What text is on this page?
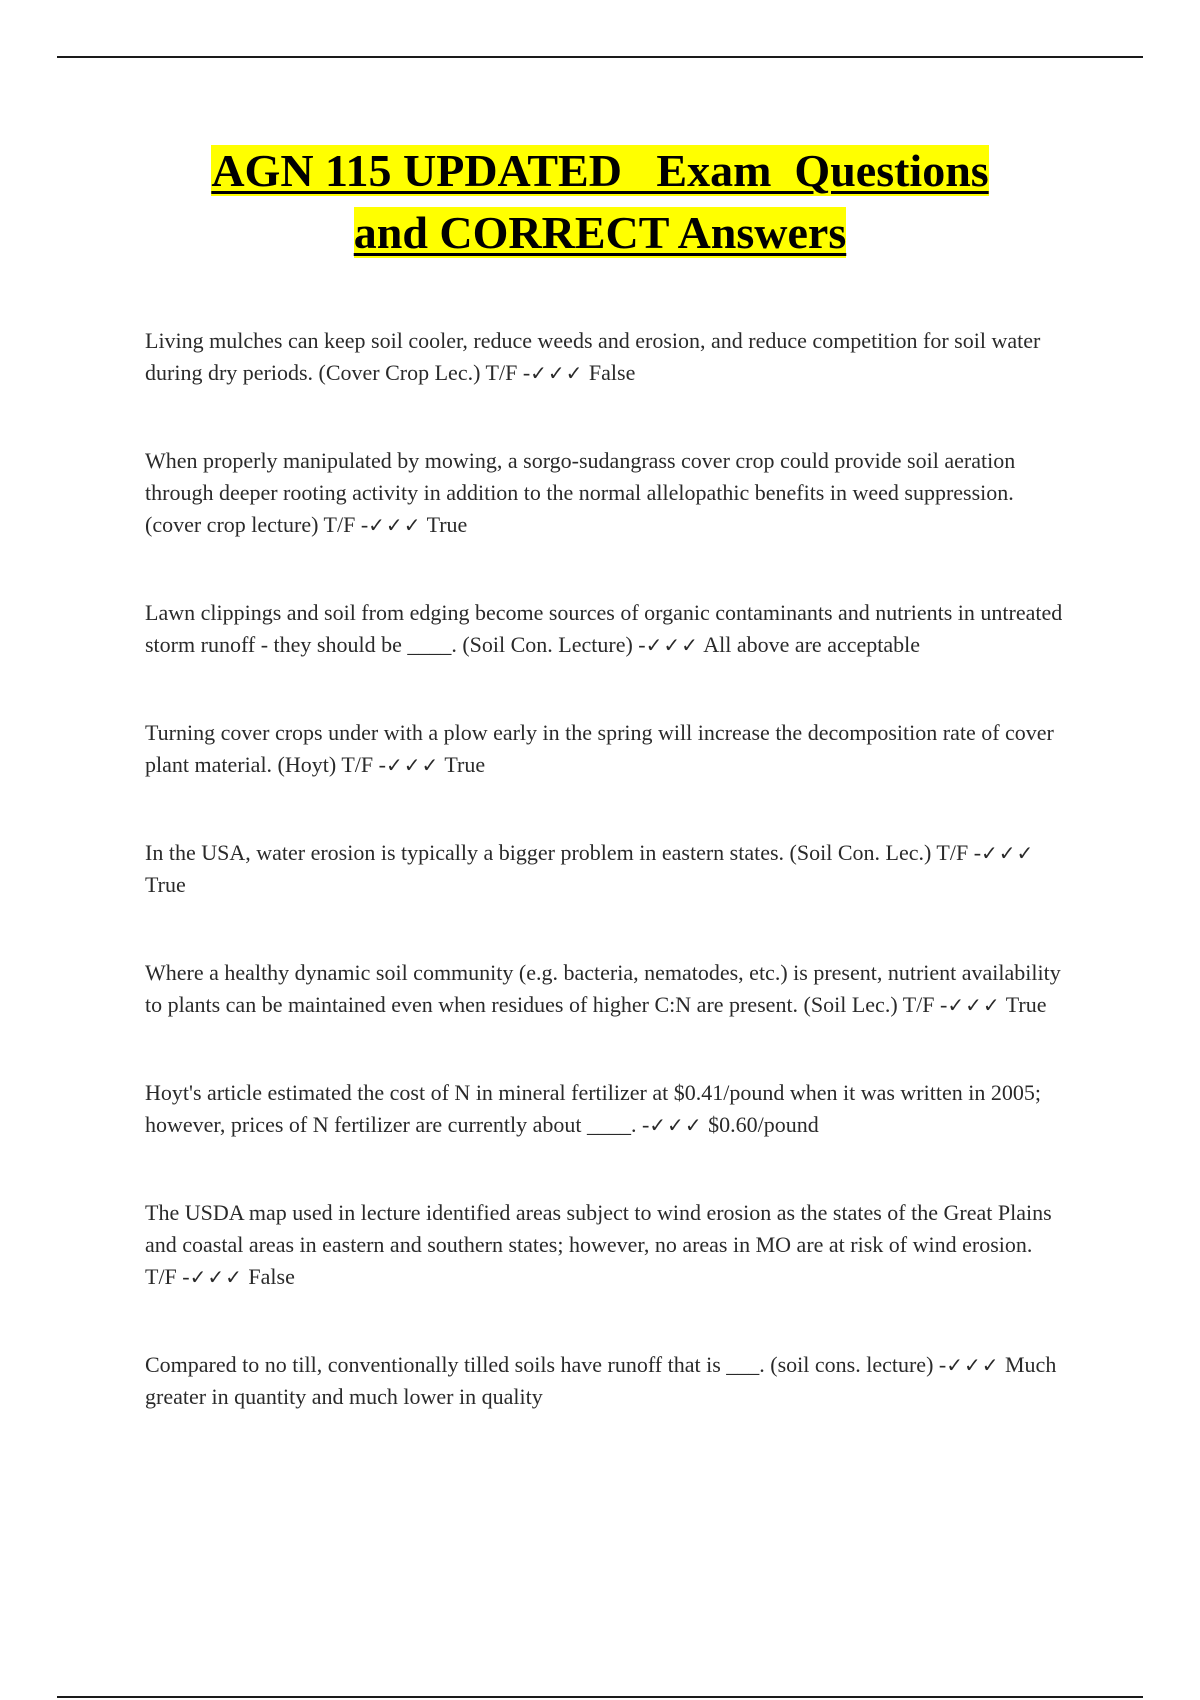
AGN 115 UPDATED   Exam  Questions
and CORRECT Answers

Living mulches can keep soil cooler, reduce weeds and erosion, and reduce competition for soil water during dry periods. (Cover Crop Lec.) T/F -✓✓✓ False

When properly manipulated by mowing, a sorgo-sudangrass cover crop could provide soil aeration through deeper rooting activity in addition to the normal allelopathic benefits in weed suppression. (cover crop lecture) T/F -✓✓✓ True

Lawn clippings and soil from edging become sources of organic contaminants and nutrients in untreated storm runoff - they should be ____. (Soil Con. Lecture) -✓✓✓ All above are acceptable

Turning cover crops under with a plow early in the spring will increase the decomposition rate of cover plant material. (Hoyt) T/F -✓✓✓ True

In the USA, water erosion is typically a bigger problem in eastern states. (Soil Con. Lec.) T/F -✓✓✓ True

Where a healthy dynamic soil community (e.g. bacteria, nematodes, etc.) is present, nutrient availability to plants can be maintained even when residues of higher C:N are present. (Soil Lec.) T/F -✓✓✓ True

Hoyt's article estimated the cost of N in mineral fertilizer at $0.41/pound when it was written in 2005; however, prices of N fertilizer are currently about ____. -✓✓✓ $0.60/pound

The USDA map used in lecture identified areas subject to wind erosion as the states of the Great Plains and coastal areas in eastern and southern states; however, no areas in MO are at risk of wind erosion. T/F -✓✓✓ False

Compared to no till, conventionally tilled soils have runoff that is ___. (soil cons. lecture) -✓✓✓ Much greater in quantity and much lower in quality
